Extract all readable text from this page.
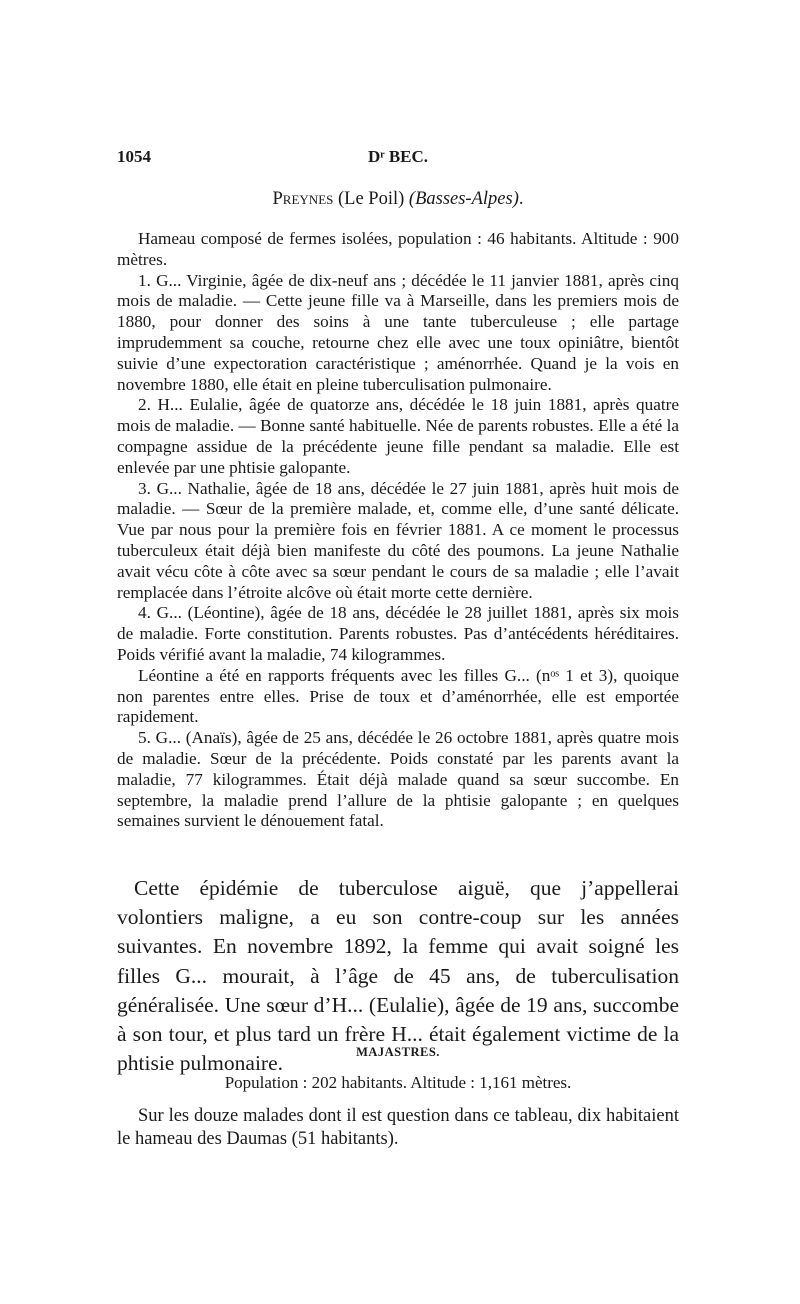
1054	Dʳ BEC.
Preynes (Le Poil) (Basses-Alpes).

Hameau composé de fermes isolées, population : 46 habitants. Altitude : 900 mètres.

1. G... Virginie, âgée de dix-neuf ans ; décédée le 11 janvier 1881, après cinq mois de maladie. — Cette jeune fille va à Marseille, dans les premiers mois de 1880, pour donner des soins à une tante tuberculeuse ; elle partage imprudemment sa couche, retourne chez elle avec une toux opiniâtre, bientôt suivie d’une expectoration caractéristique ; aménorrhée. Quand je la vois en novembre 1880, elle était en pleine tuberculisation pulmonaire.

2. H... Eulalie, âgée de quatorze ans, décédée le 18 juin 1881, après quatre mois de maladie. — Bonne santé habituelle. Née de parents robustes. Elle a été la compagne assidue de la précédente jeune fille pendant sa maladie. Elle est enlevée par une phtisie galopante.

3. G... Nathalie, âgée de 18 ans, décédée le 27 juin 1881, après huit mois de maladie. — Sœur de la première malade, et, comme elle, d’une santé délicate. Vue par nous pour la première fois en février 1881. A ce moment le processus tuberculeux était déjà bien manifeste du côté des poumons. La jeune Nathalie avait vécu côte à côte avec sa sœur pendant le cours de sa maladie ; elle l’avait remplacée dans l’étroite alcôve où était morte cette dernière.

4. G... (Léontine), âgée de 18 ans, décédée le 28 juillet 1881, après six mois de maladie. Forte constitution. Parents robustes. Pas d’antécédents héréditaires. Poids vérifié avant la maladie, 74 kilogrammes.

Léontine a été en rapports fréquents avec les filles G... (nᵒˢ 1 et 3), quoique non parentes entre elles. Prise de toux et d’aménorrhée, elle est emportée rapidement.

5. G... (Anaïs), âgée de 25 ans, décédée le 26 octobre 1881, après quatre mois de maladie. Sœur de la précédente. Poids constaté par les parents avant la maladie, 77 kilogrammes. Était déjà malade quand sa sœur succombe. En septembre, la maladie prend l’allure de la phtisie galopante ; en quelques semaines survient le dénouement fatal.

Cette épidémie de tuberculose aiguë, que j’appellerai volontiers maligne, a eu son contre-coup sur les années suivantes. En novembre 1892, la femme qui avait soigné les filles G... mourait, à l’âge de 45 ans, de tuberculisation généralisée. Une sœur d’H... (Eulalie), âgée de 19 ans, succombe à son tour, et plus tard un frère H... était également victime de la phtisie pulmonaire.	MAJASTRES.
Population : 202 habitants. Altitude : 1,161 mètres.

Sur les douze malades dont il est question dans ce tableau, dix habitaient le hameau des Daumas (51 habitants).
